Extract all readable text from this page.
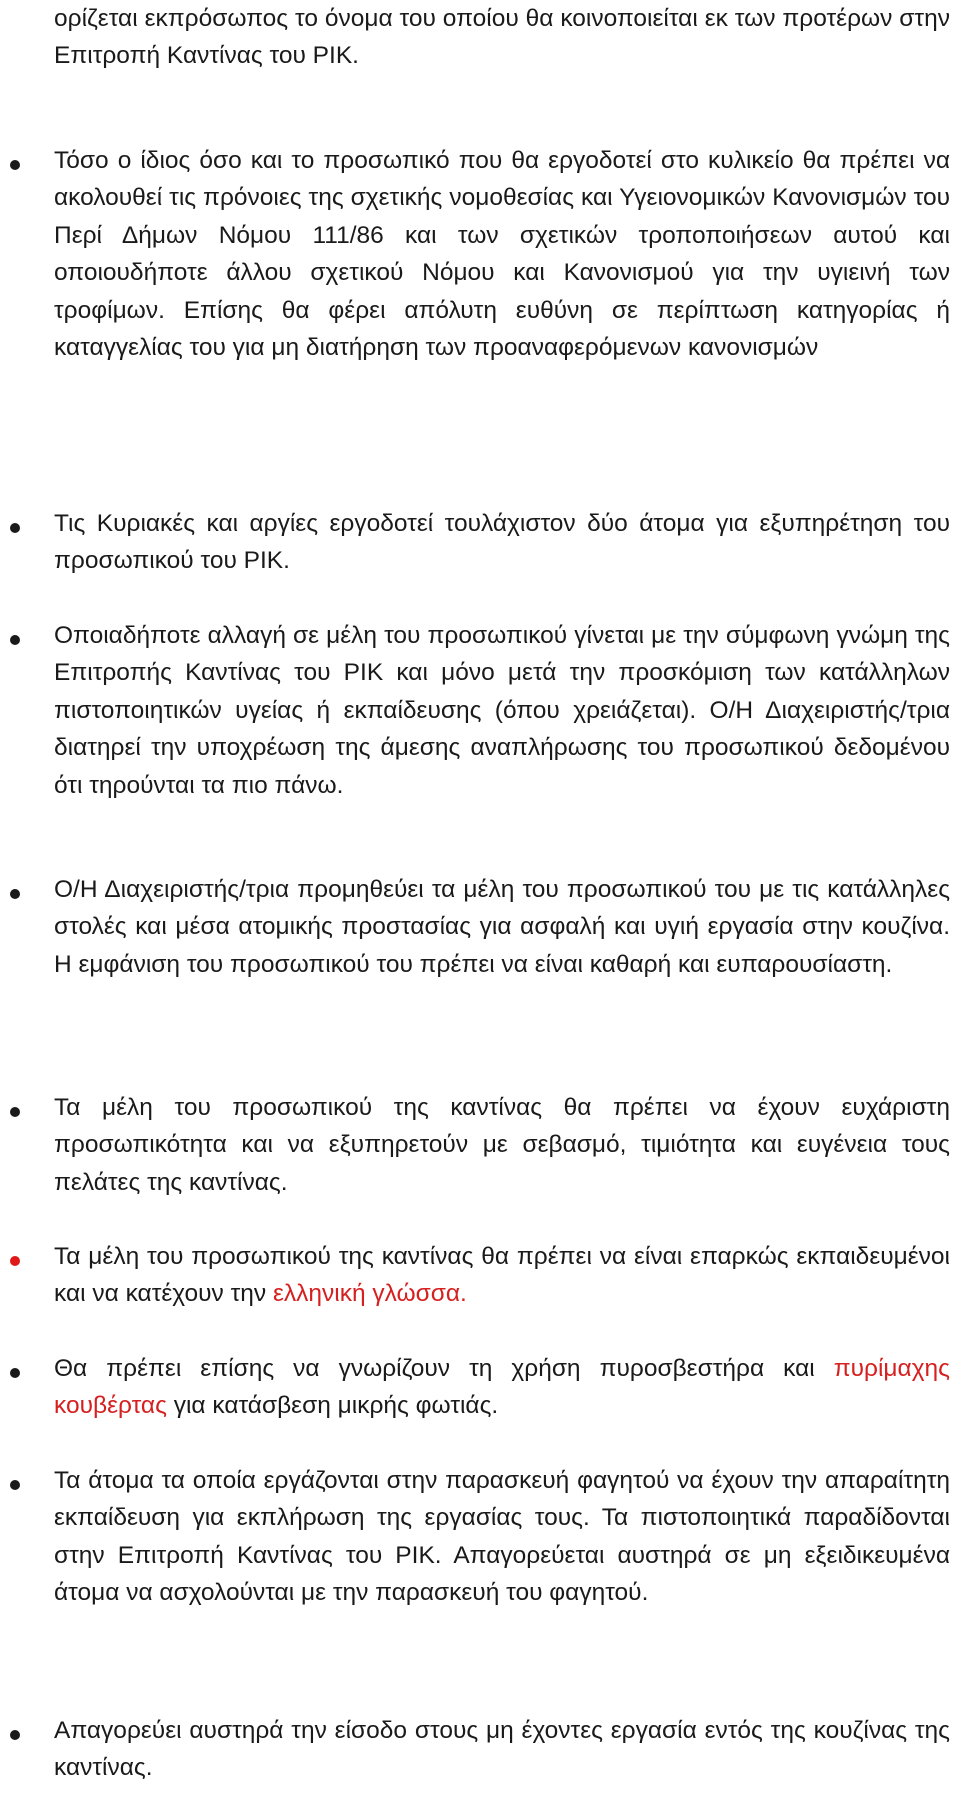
ορίζεται εκπρόσωπος το όνομα του οποίου θα κοινοποιείται εκ των προτέρων στην Επιτροπή Καντίνας του ΡΙΚ.
Τόσο ο ίδιος όσο και το προσωπικό που θα εργοδοτεί στο κυλικείο θα πρέπει να ακολουθεί τις πρόνοιες της σχετικής νομοθεσίας και Υγειονομικών Κανονισμών του Περί Δήμων Νόμου 111/86 και των σχετικών τροποποιήσεων αυτού και οποιουδήποτε άλλου σχετικού Νόμου και Κανονισμού για την υγιεινή των τροφίμων. Επίσης θα φέρει απόλυτη ευθύνη σε περίπτωση κατηγορίας ή καταγγελίας του για μη διατήρηση των προαναφερόμενων κανονισμών
Τις Κυριακές και αργίες εργοδοτεί τουλάχιστον δύο άτομα για εξυπηρέτηση του προσωπικού του ΡΙΚ.
Οποιαδήποτε αλλαγή σε μέλη του προσωπικού γίνεται με την σύμφωνη γνώμη της Επιτροπής Καντίνας του ΡΙΚ και μόνο μετά την προσκόμιση των κατάλληλων πιστοποιητικών υγείας ή εκπαίδευσης (όπου χρειάζεται). Ο/Η Διαχειριστής/τρια διατηρεί την υποχρέωση της άμεσης αναπλήρωσης του προσωπικού δεδομένου ότι τηρούνται τα πιο πάνω.
Ο/Η Διαχειριστής/τρια προμηθεύει τα μέλη του προσωπικού του με τις κατάλληλες στολές και μέσα ατομικής προστασίας για ασφαλή και υγιή εργασία στην κουζίνα. Η εμφάνιση του προσωπικού του πρέπει να είναι καθαρή και ευπαρουσίαστη.
Τα μέλη του προσωπικού της καντίνας θα πρέπει να έχουν ευχάριστη προσωπικότητα και να εξυπηρετούν με σεβασμό, τιμιότητα και ευγένεια τους πελάτες της καντίνας.
Τα μέλη του προσωπικού της καντίνας θα πρέπει να είναι επαρκώς εκπαιδευμένοι και να κατέχουν την ελληνική γλώσσα.
Θα πρέπει επίσης να γνωρίζουν τη χρήση πυροσβεστήρα και πυρίμαχης κουβέρτας για κατάσβεση μικρής φωτιάς.
Τα άτομα τα οποία εργάζονται στην παρασκευή φαγητού να έχουν την απαραίτητη εκπαίδευση για εκπλήρωση της εργασίας τους. Τα πιστοποιητικά παραδίδονται στην Επιτροπή Καντίνας του ΡΙΚ. Απαγορεύεται αυστηρά σε μη εξειδικευμένα άτομα να ασχολούνται με την παρασκευή του φαγητού.
Απαγορεύει αυστηρά την είσοδο στους μη έχοντες εργασία εντός της κουζίνας της καντίνας.
